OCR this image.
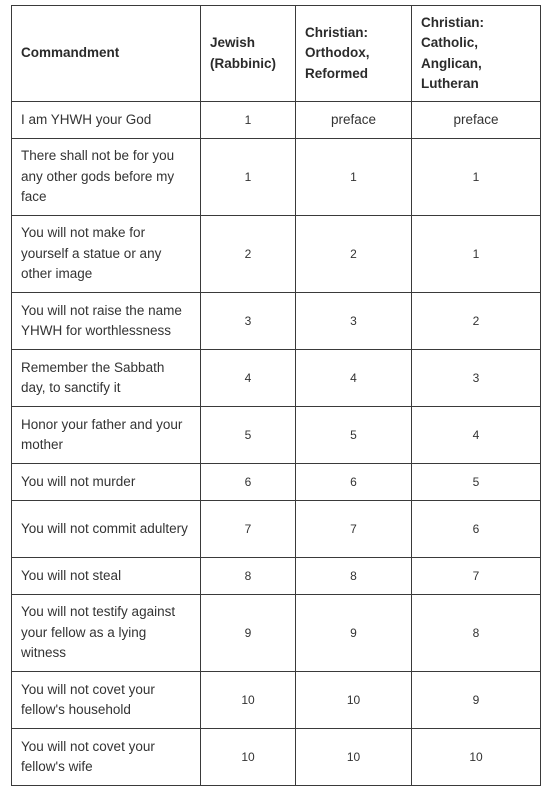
Commandment	Jewish (Rabbinic)	Christian: Orthodox, Reformed	Christian: Catholic, Anglican, Lutheran
I am YHWH your God	1	preface	preface
There shall not be for you any other gods before my face	1	1	1
You will not make for yourself a statue or any other image	2	2	1
You will not raise the name YHWH for worthlessness	3	3	2
Remember the Sabbath day, to sanctify it	4	4	3
Honor your father and your mother	5	5	4
You will not murder	6	6	5
You will not commit adultery	7	7	6
You will not steal	8	8	7
You will not testify against your fellow as a lying witness	9	9	8
You will not covet your fellow's household	10	10	9
You will not covet your fellow's wife	10	10	10
